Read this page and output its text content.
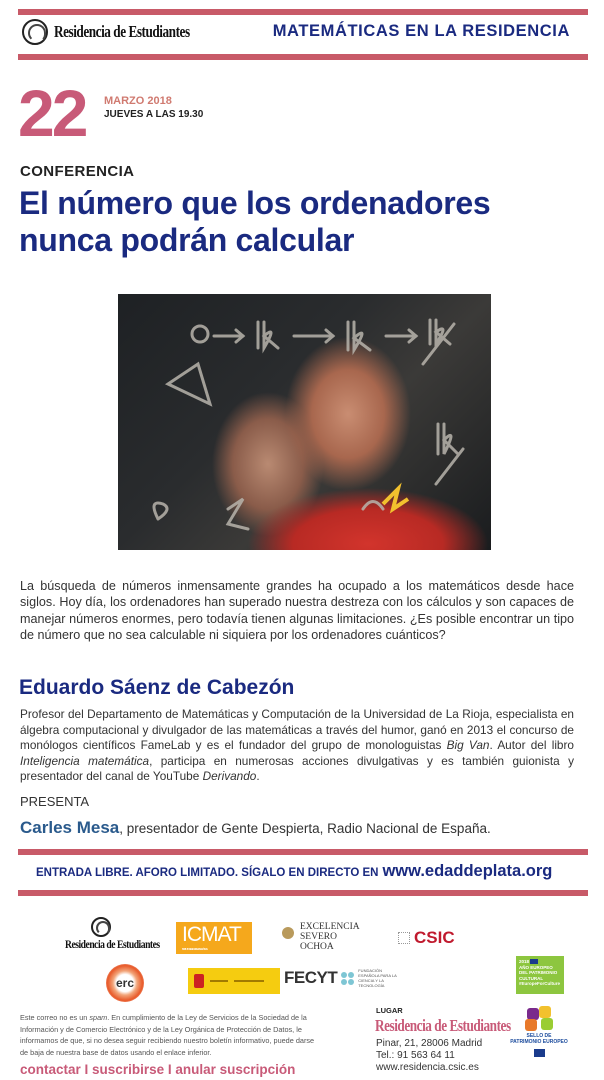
Residencia de Estudiantes	MATEMÁTICAS EN LA RESIDENCIA
22 MARZO 2018
JUEVES A LAS 19.30
CONFERENCIA
El número que los ordenadores nunca podrán calcular

La búsqueda de números inmensamente grandes ha ocupado a los matemáticos desde hace siglos. Hoy día, los ordenadores han superado nuestra destreza con los cálculos y son capaces de manejar números enormes, pero todavía tienen algunas limitaciones. ¿Es posible encontrar un tipo de número que no sea calculable ni siquiera por los ordenadores cuánticos?

Eduardo Sáenz de Cabezón

Profesor del Departamento de Matemáticas y Computación de la Universidad de La Rioja, especialista en álgebra computacional y divulgador de las matemáticas a través del humor, ganó en 2013 el concurso de monólogos científicos FameLab y es el fundador del grupo de monologuistas Big Van. Autor del libro Inteligencia matemática, participa en numerosas acciones divulgativas y es también guionista y presentador del canal de YouTube Derivando.

PRESENTA
Carles Mesa, presentador de Gente Despierta, Radio Nacional de España.
ENTRADA LIBRE. AFORO LIMITADO. SÍGALO EN DIRECTO EN www.edaddeplata.org
Residencia de Estudiantes ICMAT
INSTITUTO DE CIENCIAS MATEMÁTICAS
EXCELENCIA
SEVERO
OCHOA	CSIC
erc	FECYT	FUNDACIÓN ESPAÑOLA PARA LA CIENCIA Y LA TECNOLOGÍA
2018
AÑO EUROPEO
DEL PATRIMONIO
CULTURAL
#EuropeForCulture

Este correo no es un spam. En cumplimiento de la Ley de Servicios de la Sociedad de la Información y de Comercio Electrónico y de la Ley Orgánica de Protección de Datos, le informamos de que, si no desea seguir recibiendo nuestro boletín informativo, puede darse de baja de nuestra base de datos usando el enlace inferior.

contactar I suscribirse I anular suscripción
LUGAR
Residencia de Estudiantes
Pinar, 21, 28006 Madrid
Tel.: 91 563 64 11
www.residencia.csic.es
SELLO DE
PATRIMONIO EUROPEO
